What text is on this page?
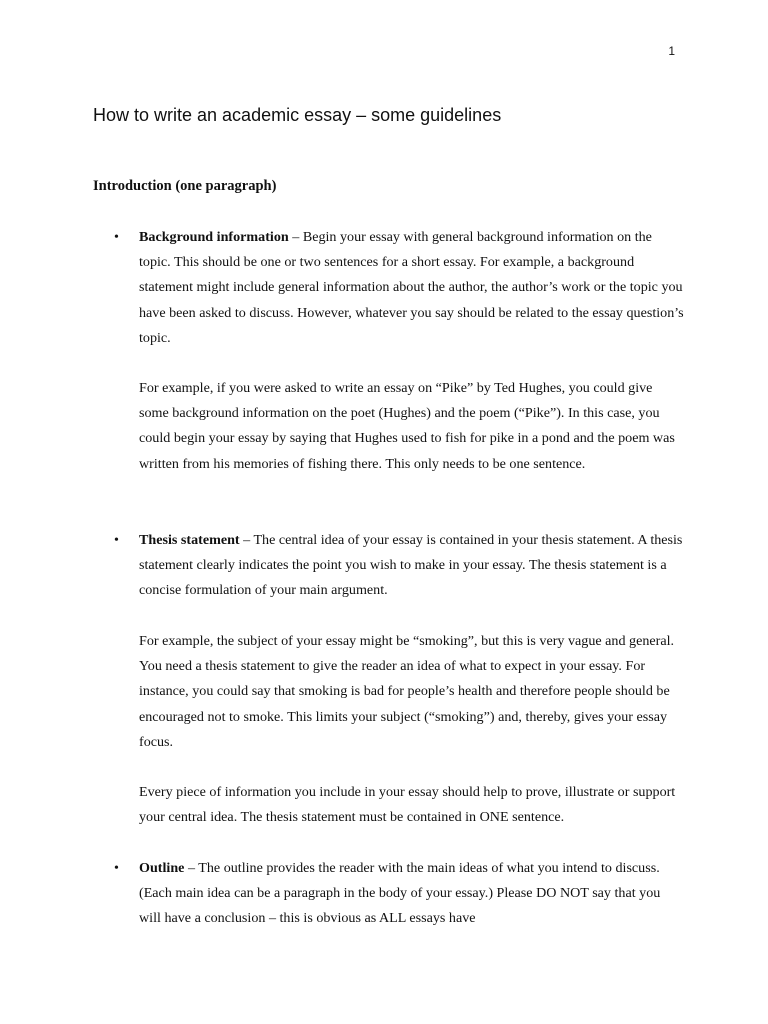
1
How to write an academic essay – some guidelines
Introduction (one paragraph)
• Background information – Begin your essay with general background information on the topic. This should be one or two sentences for a short essay. For example, a background statement might include general information about the author, the author’s work or the topic you have been asked to discuss. However, whatever you say should be related to the essay question’s topic.

For example, if you were asked to write an essay on “Pike” by Ted Hughes, you could give some background information on the poet (Hughes) and the poem (“Pike”). In this case, you could begin your essay by saying that Hughes used to fish for pike in a pond and the poem was written from his memories of fishing there. This only needs to be one sentence.

• Thesis statement – The central idea of your essay is contained in your thesis statement. A thesis statement clearly indicates the point you wish to make in your essay. The thesis statement is a concise formulation of your main argument.

For example, the subject of your essay might be “smoking”, but this is very vague and general. You need a thesis statement to give the reader an idea of what to expect in your essay. For instance, you could say that smoking is bad for people’s health and therefore people should be encouraged not to smoke. This limits your subject (“smoking”) and, thereby, gives your essay focus.

Every piece of information you include in your essay should help to prove, illustrate or support your central idea. The thesis statement must be contained in ONE sentence.

• Outline – The outline provides the reader with the main ideas of what you intend to discuss. (Each main idea can be a paragraph in the body of your essay.) Please DO NOT say that you will have a conclusion – this is obvious as ALL essays have
